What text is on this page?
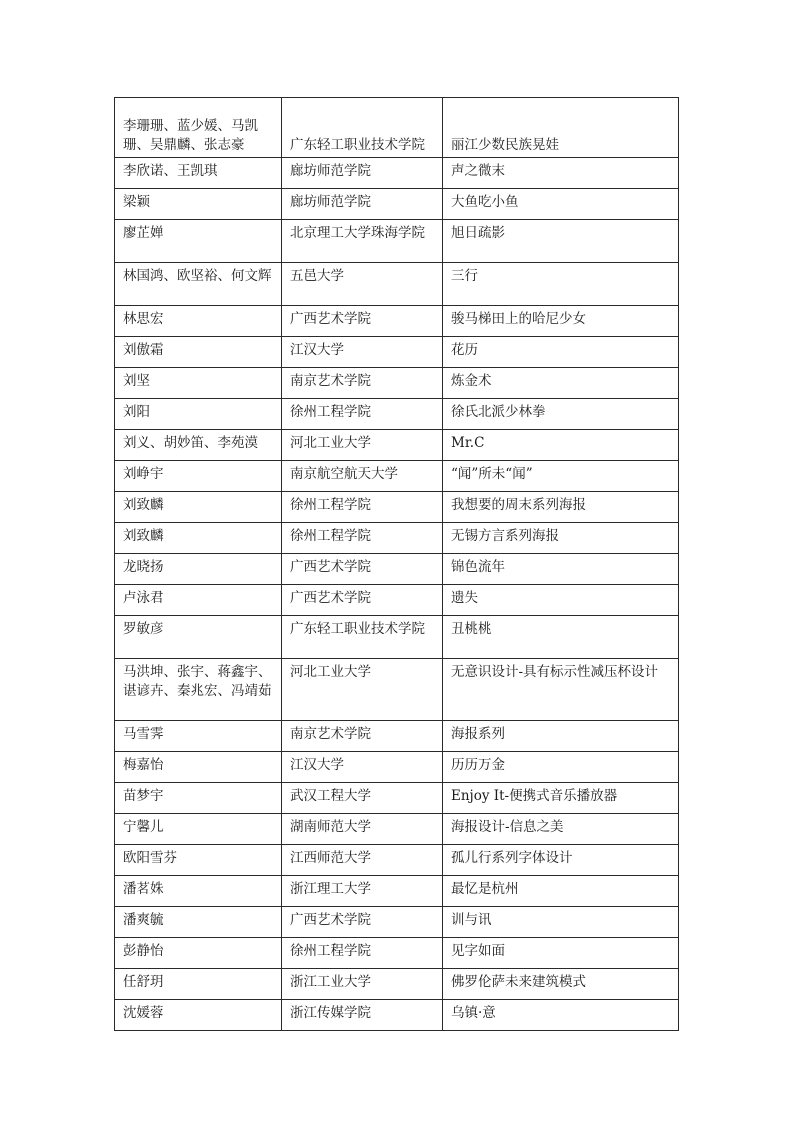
李珊珊、蓝少媛、马凯珊、吴鼎麟、张志豪	广东轻工职业技术学院	丽江少数民族晃娃
李欣诺、王凯琪	廊坊师范学院	声之微末
梁颖	廊坊师范学院	大鱼吃小鱼
廖芷婵	北京理工大学珠海学院	旭日疏影
林国鸿、欧坚裕、何文辉	五邑大学	三行
林思宏	广西艺术学院	骏马梯田上的哈尼少女
刘傲霜	江汉大学	花历
刘坚	南京艺术学院	炼金术
刘阳	徐州工程学院	徐氏北派少林拳
刘义、胡妙笛、李苑漠	河北工业大学	Mr.C
刘峥宇	南京航空航天大学	“闻”所未“闻”
刘致麟	徐州工程学院	我想要的周末系列海报
刘致麟	徐州工程学院	无锡方言系列海报
龙晓扬	广西艺术学院	锦色流年
卢泳君	广西艺术学院	遗失
罗敏彦	广东轻工职业技术学院	丑桃桃
马洪坤、张宇、蒋鑫宇、谌谚卉、秦兆宏、冯靖茹	河北工业大学	无意识设计-具有标示性减压杯设计
马雪霁	南京艺术学院	海报系列
梅嘉怡	江汉大学	历历万金
苗梦宇	武汉工程大学	Enjoy It-便携式音乐播放器
宁馨儿	湖南师范大学	海报设计-信息之美
欧阳雪芬	江西师范大学	孤儿行系列字体设计
潘茗姝	浙江理工大学	最忆是杭州
潘爽毓	广西艺术学院	训与讯
彭静怡	徐州工程学院	见字如面
任舒玥	浙江工业大学	佛罗伦萨未来建筑模式
沈媛蓉	浙江传媒学院	乌镇·意
